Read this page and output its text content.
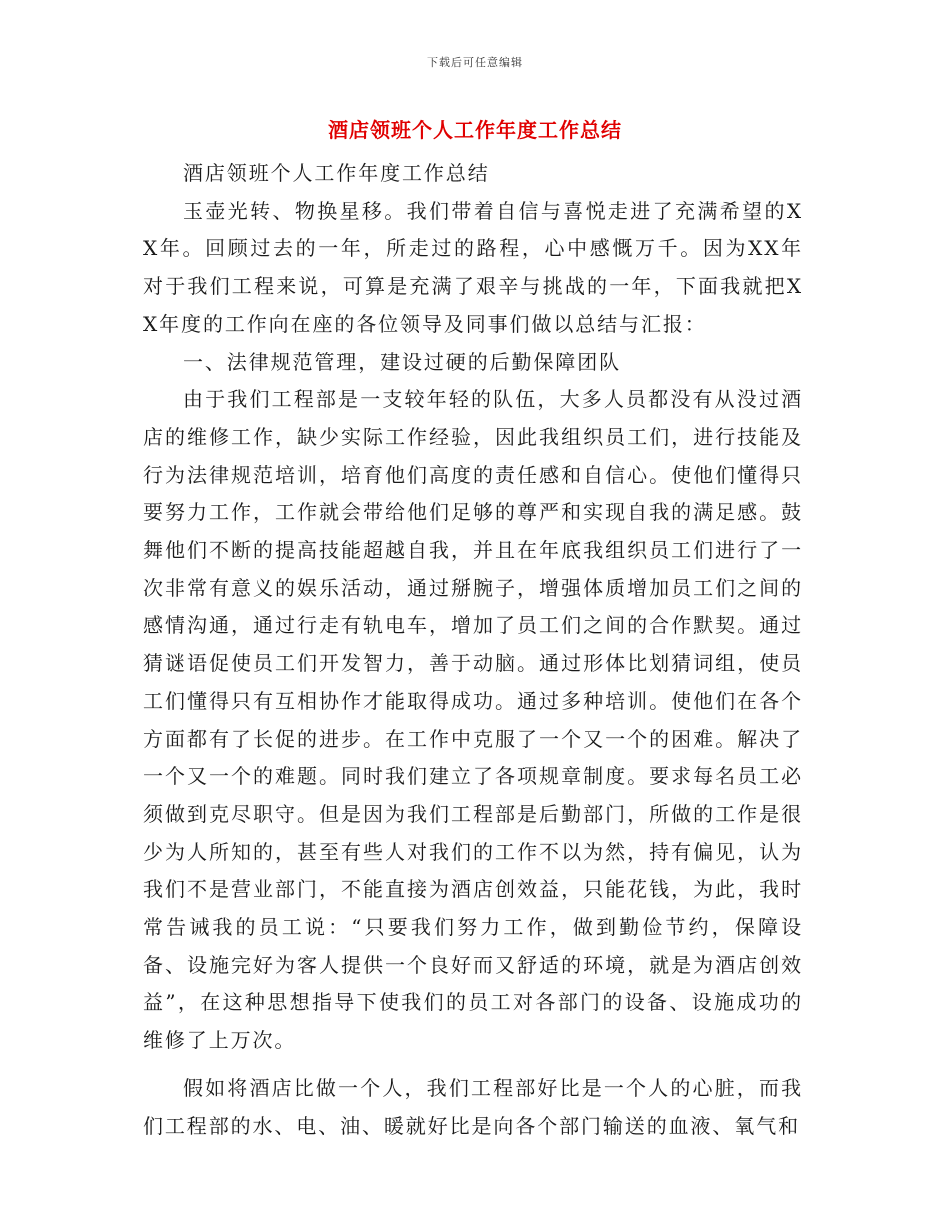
下载后可任意编辑
酒店领班个人工作年度工作总结

酒店领班个人工作年度工作总结

玉壶光转、物换星移。我们带着自信与喜悦走进了充满希望的XX年。回顾过去的一年，所走过的路程，心中感慨万千。因为XX年对于我们工程来说，可算是充满了艰辛与挑战的一年，下面我就把XX年度的工作向在座的各位领导及同事们做以总结与汇报：

一、法律规范管理，建设过硬的后勤保障团队

由于我们工程部是一支较年轻的队伍，大多人员都没有从没过酒店的维修工作，缺少实际工作经验，因此我组织员工们，进行技能及行为法律规范培训，培育他们高度的责任感和自信心。使他们懂得只要努力工作，工作就会带给他们足够的尊严和实现自我的满足感。鼓舞他们不断的提高技能超越自我，并且在年底我组织员工们进行了一次非常有意义的娱乐活动，通过掰腕子，增强体质增加员工们之间的感情沟通，通过行走有轨电车，增加了员工们之间的合作默契。通过猜谜语促使员工们开发智力，善于动脑。通过形体比划猜词组，使员工们懂得只有互相协作才能取得成功。通过多种培训。使他们在各个方面都有了长促的进步。在工作中克服了一个又一个的困难。解决了一个又一个的难题。同时我们建立了各项规章制度。要求每名员工必须做到克尽职守。但是因为我们工程部是后勤部门，所做的工作是很少为人所知的，甚至有些人对我们的工作不以为然，持有偏见，认为我们不是营业部门，不能直接为酒店创效益，只能花钱，为此，我时常告诫我的员工说：“只要我们努力工作，做到勤俭节约，保障设备、设施完好为客人提供一个良好而又舒适的环境，就是为酒店创效益”，在这种思想指导下使我们的员工对各部门的设备、设施成功的维修了上万次。

假如将酒店比做一个人，我们工程部好比是一个人的心脏，而我们工程部的水、电、油、暖就好比是向各个部门输送的血液、氧气和
